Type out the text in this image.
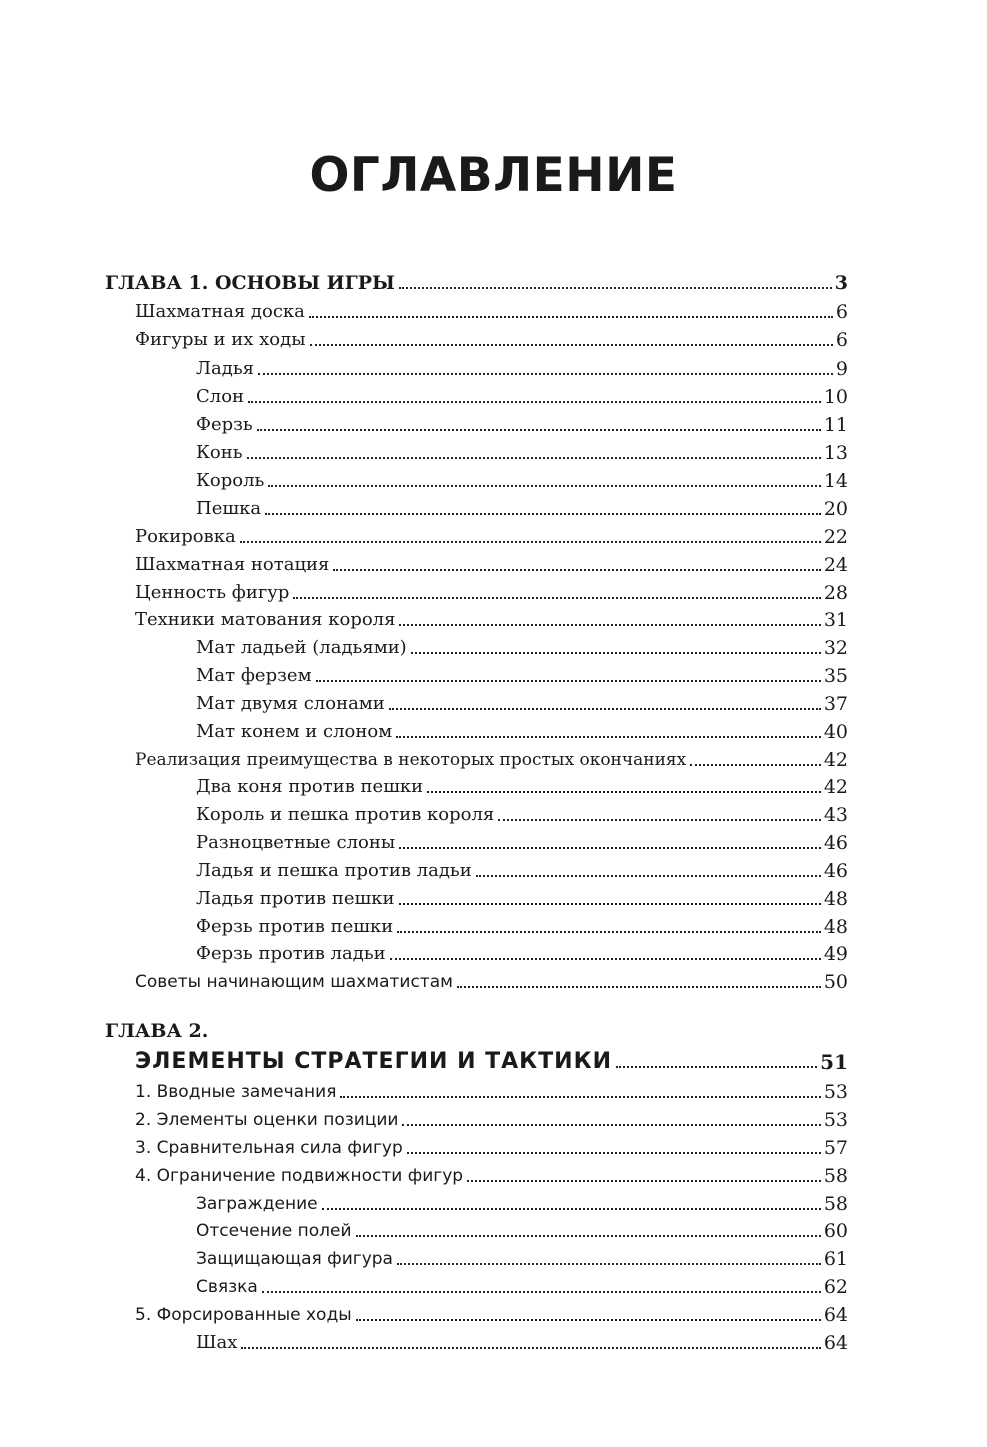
ОГЛАВЛЕНИЕ
ГЛАВА 1. ОСНОВЫ ИГРЫ	3
Шахматная доска	6
Фигуры и их ходы	6
Ладья	9
Слон	10
Ферзь	11
Конь	13
Король	14
Пешка	20
Рокировка	22
Шахматная нотация	24
Ценность фигур	28
Техники матования короля	31
Мат ладьей (ладьями)	32
Мат ферзем	35
Мат двумя слонами	37
Мат конем и слоном	40
Реализация преимущества в некоторых простых окончаниях	42
Два коня против пешки	42
Король и пешка против короля	43
Разноцветные слоны	46
Ладья и пешка против ладьи	46
Ладья против пешки	48
Ферзь против пешки	48
Ферзь против ладьи	49
Советы начинающим шахматистам	50
ГЛАВА 2.
ЭЛЕМЕНТЫ СТРАТЕГИИ И ТАКТИКИ	51
1. Вводные замечания	53
2. Элементы оценки позиции	53
3. Сравнительная сила фигур	57
4. Ограничение подвижности фигур	58
Заграждение	58
Отсечение полей	60
Защищающая фигура	61
Связка	62
5. Форсированные ходы	64
Шах	64
